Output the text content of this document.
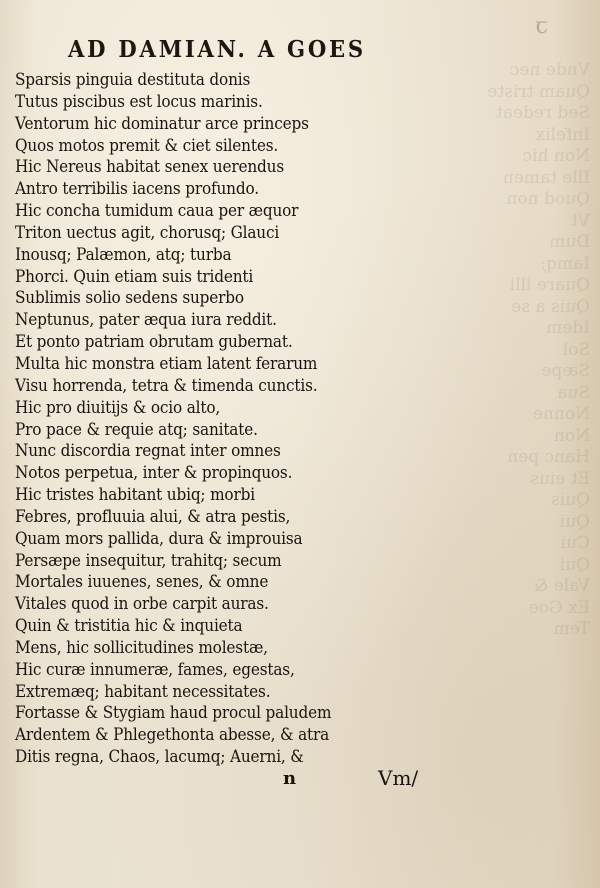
Vnde nec
Quam triste
Sed redeat
Infelix
Non hic
Ille tamen
Quod non
Vt
Dum
Iamq;
Quare illi
Quis a se
Idem
Sol
Sæpe
Sua
Nonne
Non
Hanc pen
Et eius
Quis
Qui
Cui
Qui
Vale &
Ex Goe
Tem
ꞇ
AD DAMIAN. A GOES
Sparsis pinguia destituta donis
Tutus piscibus est locus marinis.
Ventorum hic dominatur arce princeps
Quos motos premit & ciet silentes.
Hic Nereus habitat senex uerendus
Antro terribilis iacens profundo.
Hic concha tumidum caua per æquor
Triton uectus agit, chorusq; Glauci
Inousq; Palæmon, atq; turba
Phorci. Quin etiam suis tridenti
Sublimis solio sedens superbo
Neptunus, pater æqua iura reddit.
Et ponto patriam obrutam gubernat.
Multa hic monstra etiam latent ferarum
Visu horrenda, tetra & timenda cunctis.
Hic pro diuitijs & ocio alto,
Pro pace & requie atq; sanitate.
Nunc discordia regnat inter omnes
Notos perpetua, inter & propinquos.
Hic tristes habitant ubiq; morbi
Febres, profluuia alui, & atra pestis,
Quam mors pallida, dura & improuisa
Persæpe insequitur, trahitq; secum
Mortales iuuenes, senes, & omne
Vitales quod in orbe carpit auras.
Quin & tristitia hic & inquieta
Mens, hic sollicitudines molestæ,
Hic curæ innumeræ, fames, egestas,
Extremæq; habitant necessitates.
Fortasse & Stygiam haud procul paludem
Ardentem & Phlegethonta abesse, & atra
Ditis regna, Chaos, lacumq; Auerni, &
n	Vm/
